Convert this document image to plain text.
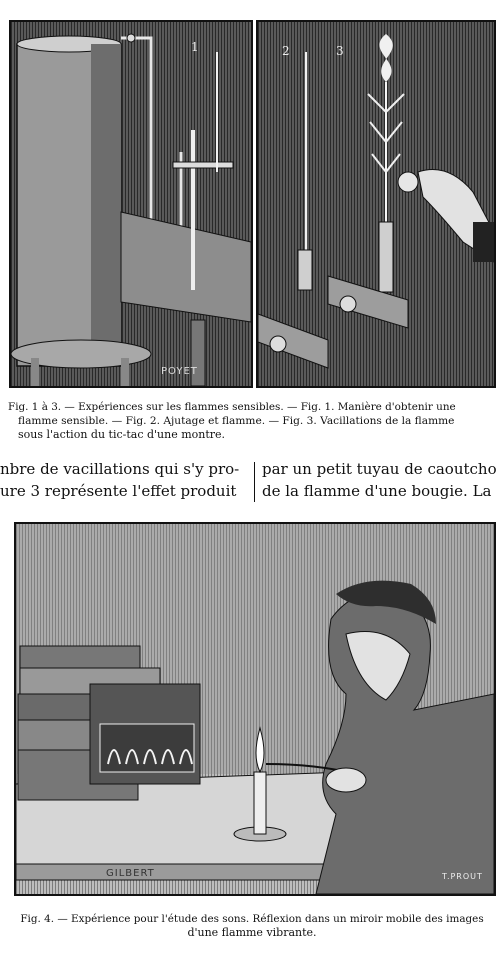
1
POYET
2	3
Fig. 1 à 3. — Expériences sur les flammes sensibles. — Fig. 1. Manière d'obtenir une
flamme sensible. — Fig. 2. Ajutage et flamme. — Fig. 3. Vacillations de la flamme
sous l'action du tic-tac d'une montre.
nbre de vacillations qui s'y pro-
ure 3 représente l'effet produit
par un petit tuyau de caoutcho
de la flamme d'une bougie. La
GILBERT	T.PROUT
Fig. 4. — Expérience pour l'étude des sons. Réflexion dans un miroir mobile des images
d'une flamme vibrante.
